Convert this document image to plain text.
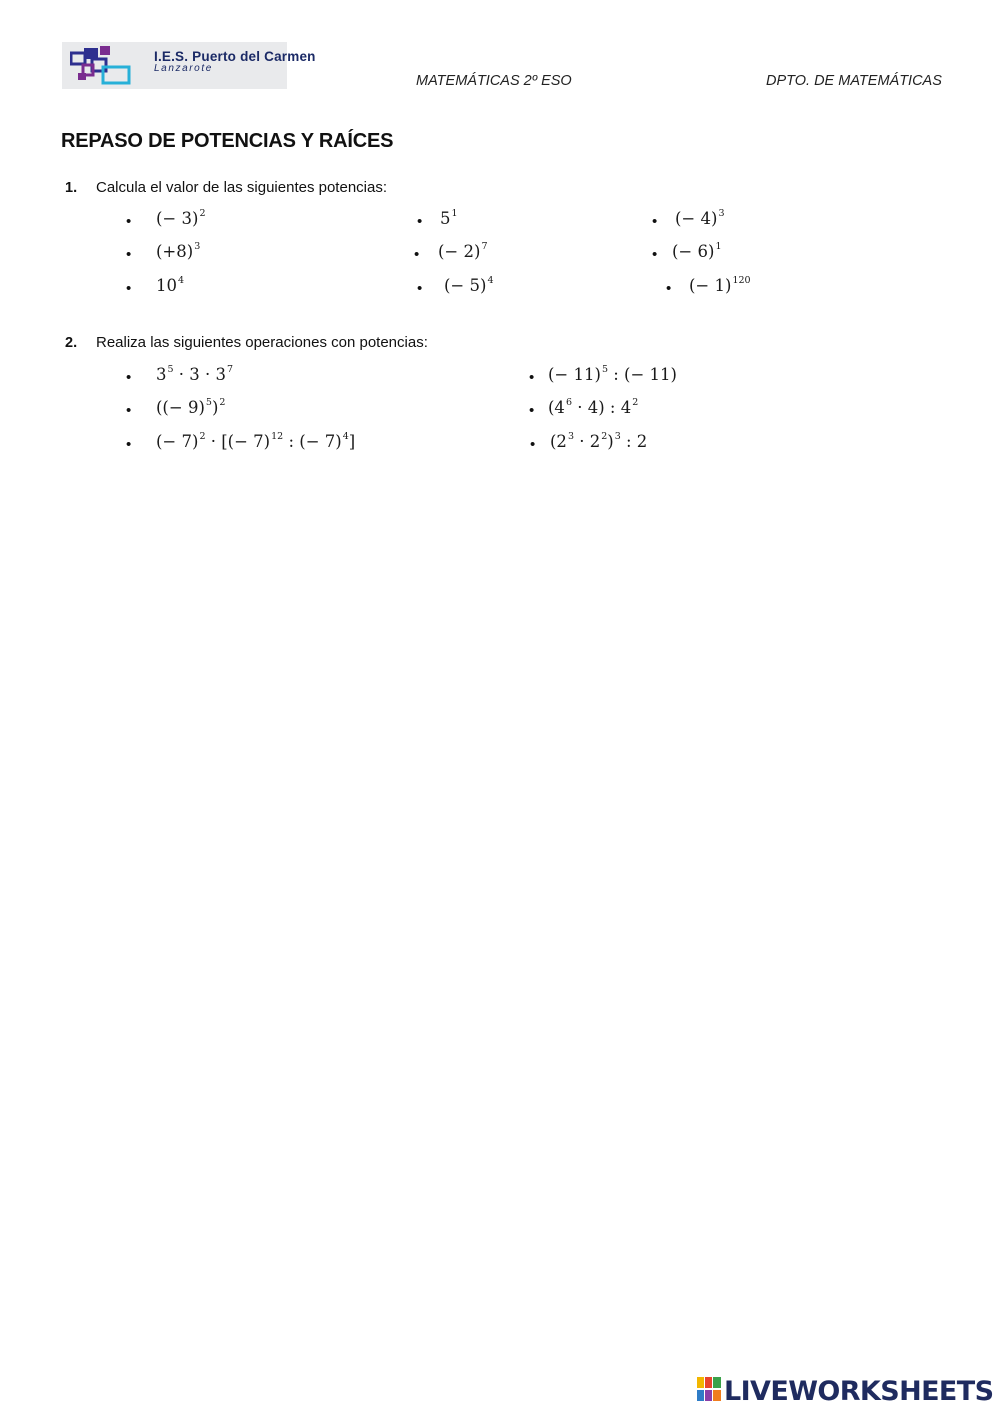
I.E.S. Puerto del Carmen
Lanzarote
MATEMÁTICAS 2º ESO	DPTO. DE MATEMÁTICAS
REPASO DE POTENCIAS Y RAÍCES
1. Calcula el valor de las siguientes potencias:
• (− 3)$^2$	• $5^1$	• (− 4)$^3$
• $(+8)^3$	• (− 2)$^7$	• (− 6)$^1$
• $10^4$	• (− 5)$^4$	• (− 1)$^{120}$
2. Realiza las siguientes operaciones con potencias:
• $3^5 \cdot 3 \cdot 3^7$	• (− 11)$^5$ : (− 11)
• ((− 9)$^5$)$^2$	• $(4^6 \cdot 4)$ : $4^2$
• (− 7)$^2$ · [(− 7)$^{12}$ : (− 7)$^4$]	• $(2^3 \cdot 2^2)^3$ : 2
LIVEWORKSHEETS
